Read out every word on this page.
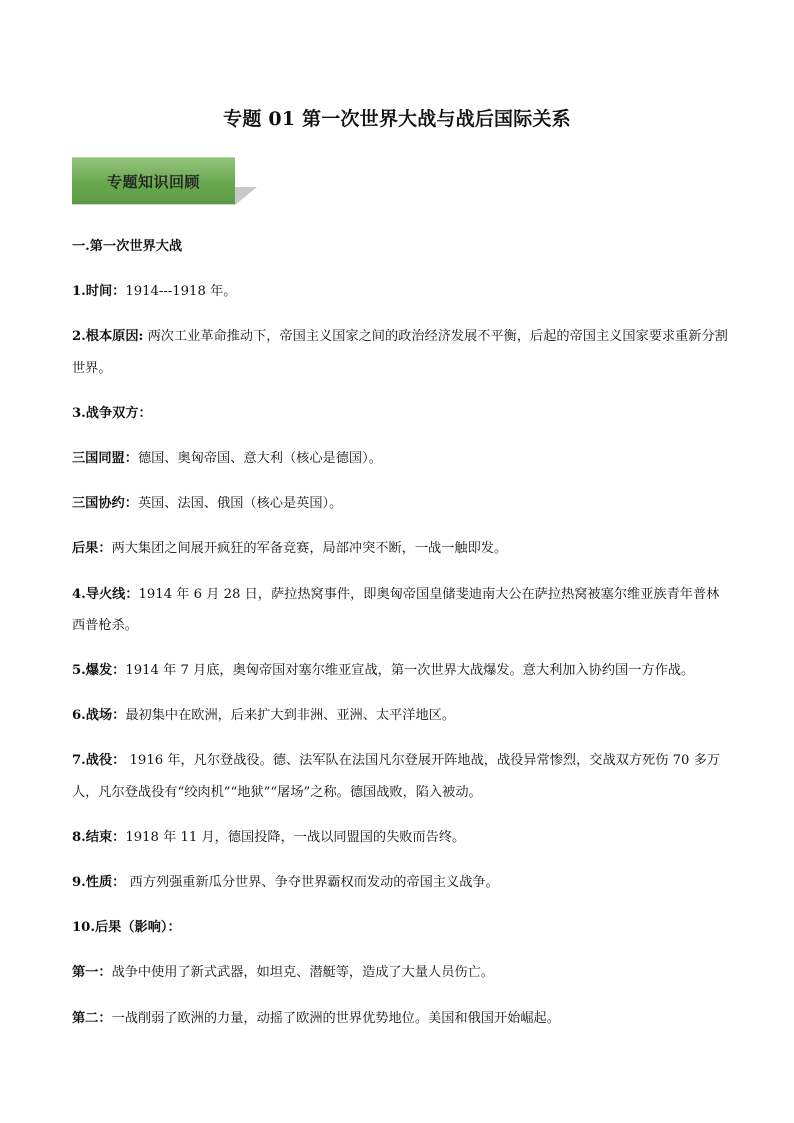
专题 01 第一次世界大战与战后国际关系
专题知识回顾

一.第一次世界大战

1.时间：1914---1918 年。

2.根本原因: 两次工业革命推动下，帝国主义国家之间的政治经济发展不平衡，后起的帝国主义国家要求重新分割世界。

3.战争双方：

三国同盟：德国、奥匈帝国、意大利（核心是德国）。

三国协约：英国、法国、俄国（核心是英国）。

后果：两大集团之间展开疯狂的军备竞赛，局部冲突不断，一战一触即发。

4.导火线：1914 年 6 月 28 日，萨拉热窝事件，即奥匈帝国皇储斐迪南大公在萨拉热窝被塞尔维亚族青年普林西普枪杀。

5.爆发：1914 年 7 月底，奥匈帝国对塞尔维亚宣战，第一次世界大战爆发。意大利加入协约国一方作战。

6.战场：最初集中在欧洲，后来扩大到非洲、亚洲、太平洋地区。

7.战役： 1916 年，凡尔登战役。德、法军队在法国凡尔登展开阵地战，战役异常惨烈，交战双方死伤 70 多万人，凡尔登战役有“绞肉机”“地狱”“屠场”之称。德国战败，陷入被动。

8.结束：1918 年 11 月，德国投降，一战以同盟国的失败而告终。

9.性质： 西方列强重新瓜分世界、争夺世界霸权而发动的帝国主义战争。

10.后果（影响）：

第一：战争中使用了新式武器，如坦克、潜艇等，造成了大量人员伤亡。

第二：一战削弱了欧洲的力量，动摇了欧洲的世界优势地位。美国和俄国开始崛起。
